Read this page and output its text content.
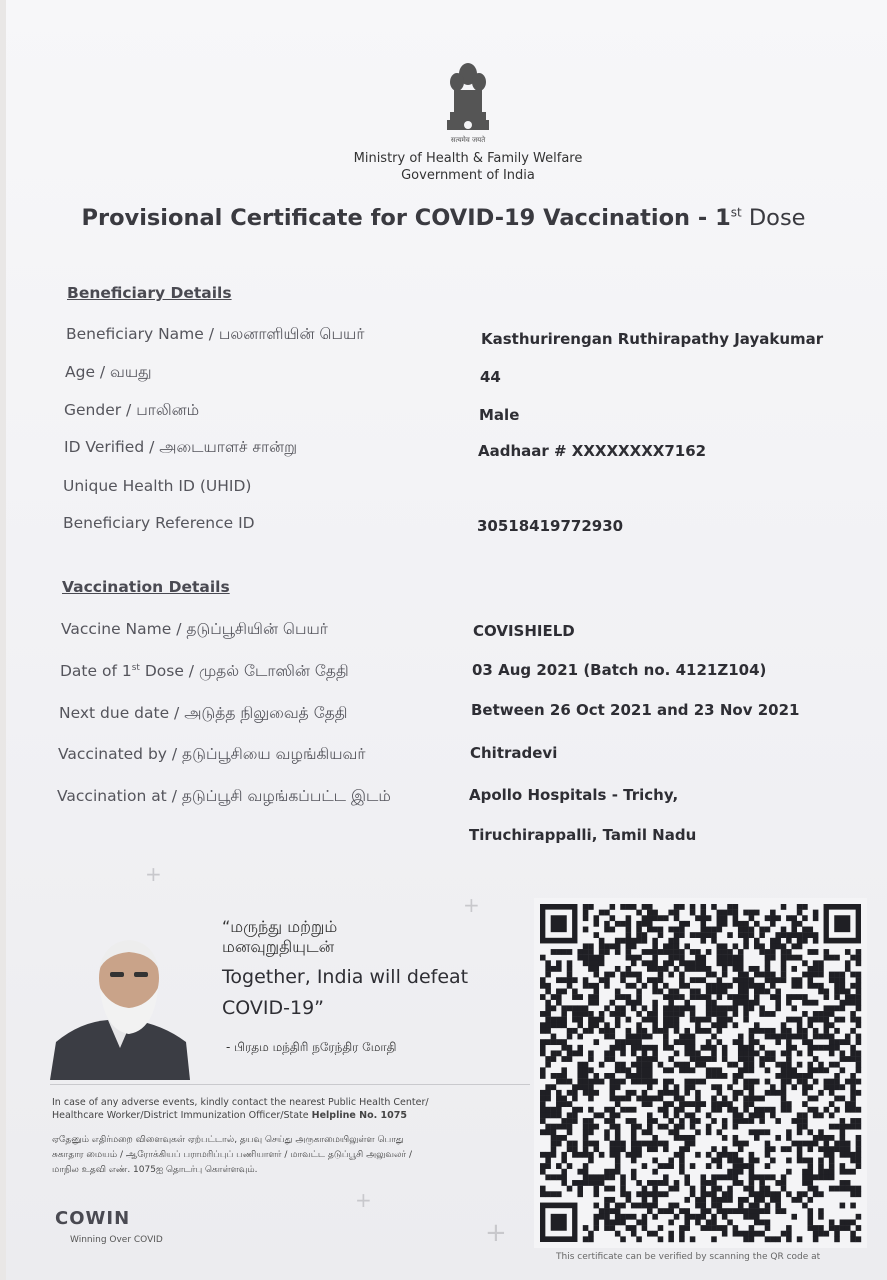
सत्यमेव जयते
Ministry of Health & Family Welfare
Government of India
Provisional Certificate for COVID-19 Vaccination - 1st Dose
Beneficiary Details
Beneficiary Name / பலனாளியின் பெயர்	Kasthurirengan Ruthirapathy Jayakumar
Age / வயது	44
Gender / பாலினம்	Male
ID Verified / அடையாளச் சான்று	Aadhaar # XXXXXXXX7162
Unique Health ID (UHID)
Beneficiary Reference ID	30518419772930
Vaccination Details
Vaccine Name / தடுப்பூசியின் பெயர்	COVISHIELD
Date of 1st Dose / முதல் டோஸின் தேதி	03 Aug 2021 (Batch no. 4121Z104)
Next due date / அடுத்த நிலுவைத் தேதி	Between 26 Oct 2021 and 23 Nov 2021
Vaccinated by / தடுப்பூசியை வழங்கியவர்	Chitradevi
Vaccination at / தடுப்பூசி வழங்கப்பட்ட இடம்	Apollo Hospitals - Trichy,
Tiruchirappalli, Tamil Nadu
+
+
+
+
“மருந்து மற்றும்
மனவுறுதியுடன்
Together, India will defeat COVID-19”
- பிரதம மந்திரி நரேந்திர மோதி
In case of any adverse events, kindly contact the nearest Public Health Center/
Healthcare Worker/District Immunization Officer/State Helpline No. 1075
ஏதேனும் எதிர்மறை விளைவுகள் ஏற்பட்டால், தயவு செய்து அருகாமையிலுள்ள பொது
சுகாதார மையம் / ஆரோக்கியப் பராமரிப்புப் பணியாளர் / மாவட்ட தடுப்பூசி அலுவலர் /
மாநில உதவி எண். 1075ஐ தொடர்பு கொள்ளவும்.
COWIN
Winning Over COVID
This certificate can be verified by scanning the QR code at
